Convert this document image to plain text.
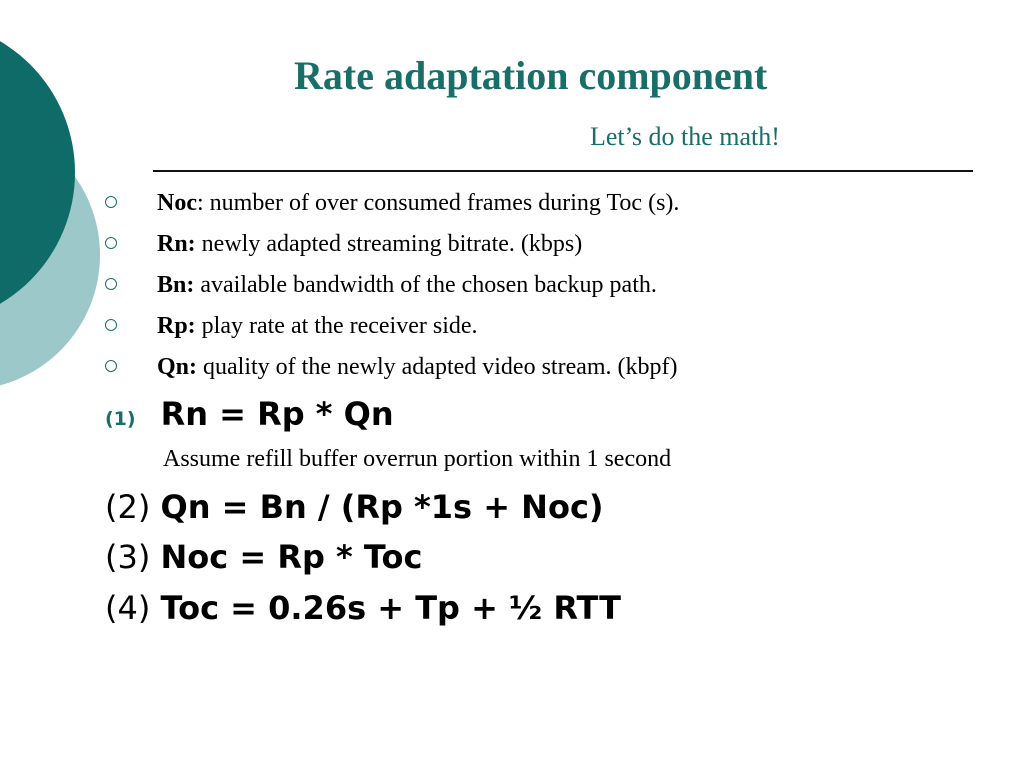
Rate adaptation component
Let’s do the math!
Noc: number of over consumed frames during Toc (s).
Rn: newly adapted streaming bitrate. (kbps)
Bn: available bandwidth of the chosen backup path.
Rp: play rate at the receiver side.
Qn: quality of the newly adapted video stream. (kbpf)
(1) Rn = Rp * Qn
Assume refill buffer overrun portion within 1 second
(2) Qn = Bn / (Rp *1s + Noc)
(3) Noc = Rp * Toc
(4) Toc = 0.26s + Tp + ½ RTT
